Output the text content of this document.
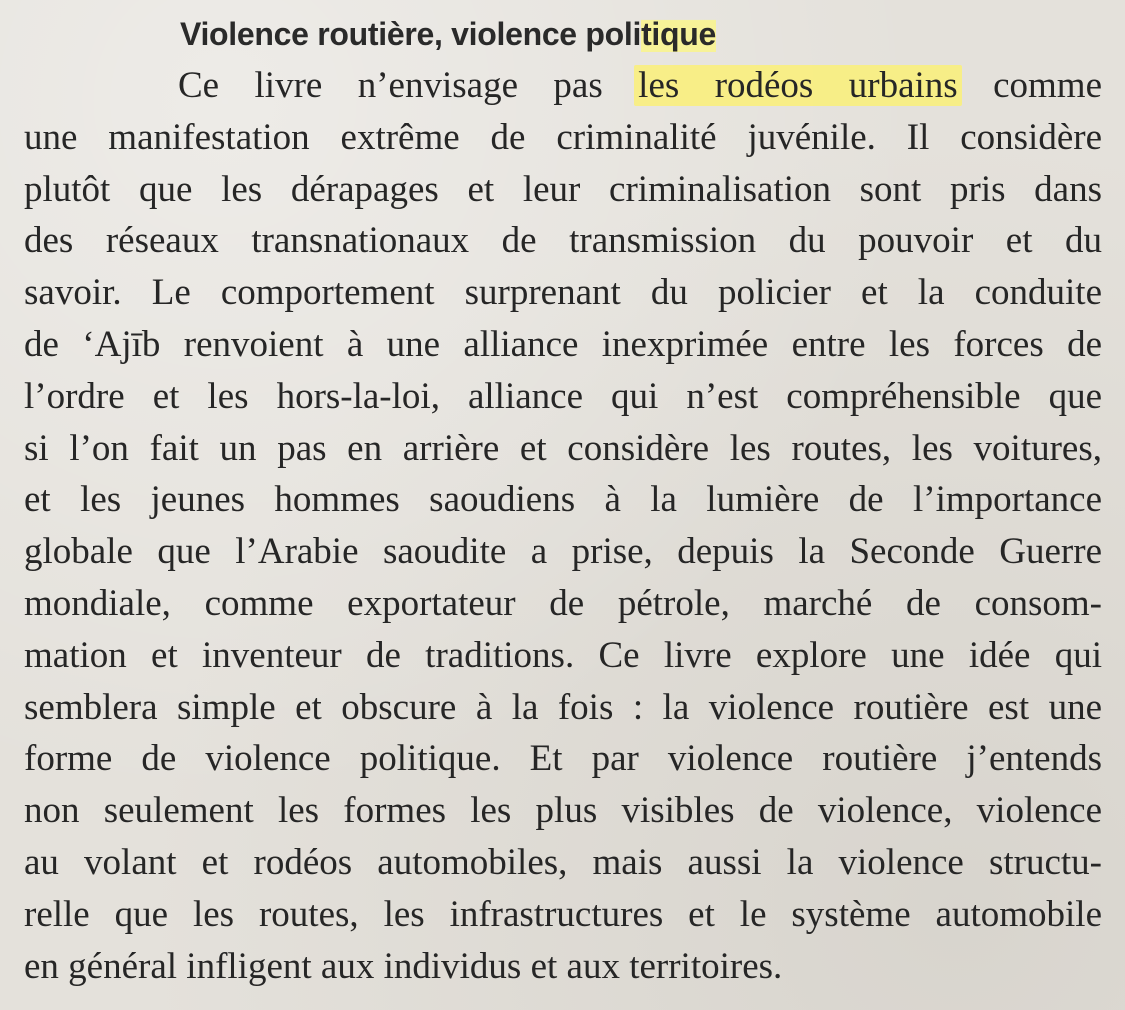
Violence routière, violence politique
Ce livre n’envisage pas les rodéos urbains comme
une manifestation extrême de criminalité juvénile. Il considère
plutôt que les dérapages et leur criminalisation sont pris dans
des réseaux transnationaux de transmission du pouvoir et du
savoir. Le comportement surprenant du policier et la conduite
de ‘Ajīb renvoient à une alliance inexprimée entre les forces de
l’ordre et les hors-la-loi, alliance qui n’est compréhensible que
si l’on fait un pas en arrière et considère les routes, les voitures,
et les jeunes hommes saoudiens à la lumière de l’importance
globale que l’Arabie saoudite a prise, depuis la Seconde Guerre
mondiale, comme exportateur de pétrole, marché de consom-
mation et inventeur de traditions. Ce livre explore une idée qui
semblera simple et obscure à la fois : la violence routière est une
forme de violence politique. Et par violence routière j’entends
non seulement les formes les plus visibles de violence, violence
au volant et rodéos automobiles, mais aussi la violence structu-
relle que les routes, les infrastructures et le système automobile
en général infligent aux individus et aux territoires.
